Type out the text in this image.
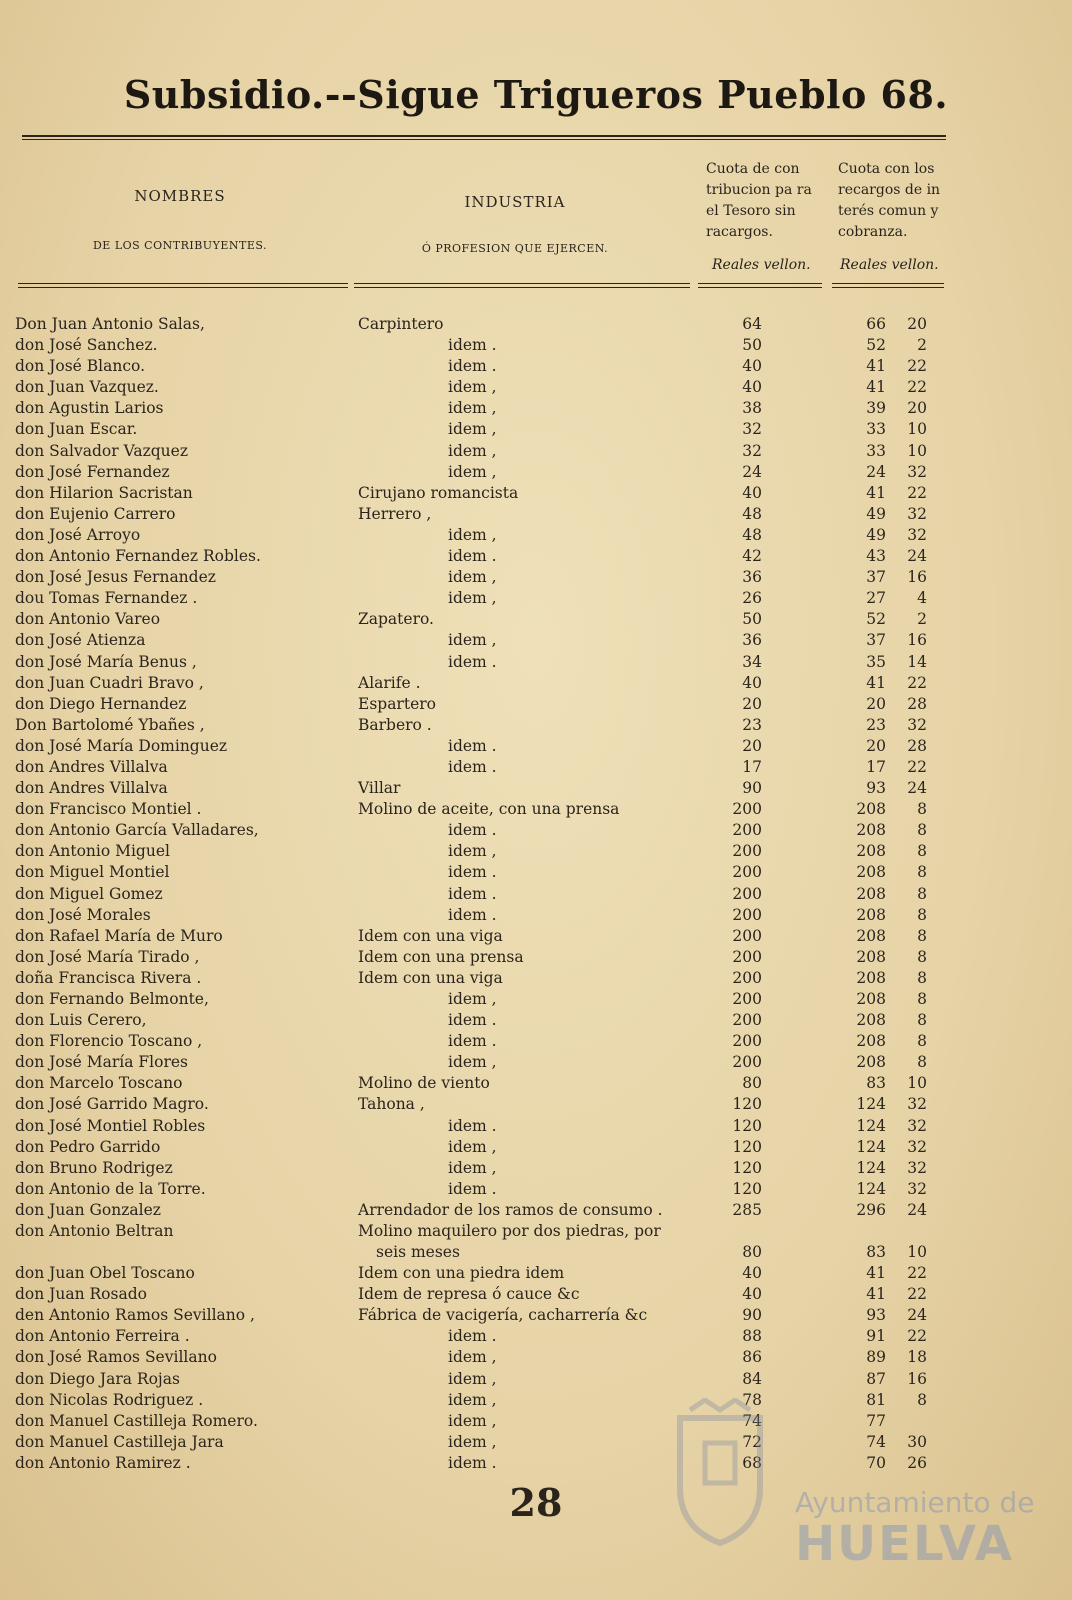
Subsidio.--Sigue Trigueros Pueblo 68.
NOMBRES
DE LOS CONTRIBUYENTES.
INDUSTRIA
Ó PROFESION QUE EJERCEN.
Cuota de con tribucion pa ra el Tesoro sin racargos.
Cuota con los recargos de in terés comun y cobranza.
Reales vellon. Reales vellon.
Don Juan Antonio Salas,	Carpintero	64	66	20
don José Sanchez.	idem .	50	52	2
don José Blanco.	idem .	40	41	22
don Juan Vazquez.	idem ,	40	41	22
don Agustin Larios	idem ,	38	39	20
don Juan Escar.	idem ,	32	33	10
don Salvador Vazquez	idem ,	32	33	10
don José Fernandez	idem ,	24	24	32
don Hilarion Sacristan	Cirujano romancista	40	41	22
don Eujenio Carrero	Herrero ,	48	49	32
don José Arroyo	idem ,	48	49	32
don Antonio Fernandez Robles.	idem .	42	43	24
don José Jesus Fernandez	idem ,	36	37	16
dou Tomas Fernandez .	idem ,	26	27	4
don Antonio Vareo	Zapatero.	50	52	2
don José Atienza	idem ,	36	37	16
don José María Benus ,	idem .	34	35	14
don Juan Cuadri Bravo ,	Alarife .	40	41	22
don Diego Hernandez	Espartero	20	20	28
Don Bartolomé Ybañes ,	Barbero .	23	23	32
don José María Dominguez	idem .	20	20	28
don Andres Villalva	idem .	17	17	22
don Andres Villalva	Villar	90	93	24
don Francisco Montiel .	Molino de aceite, con una prensa	200	208	8
don Antonio García Valladares,	idem .	200	208	8
don Antonio Miguel	idem ,	200	208	8
don Miguel Montiel	idem .	200	208	8
don Miguel Gomez	idem .	200	208	8
don José Morales	idem .	200	208	8
don Rafael María de Muro	Idem con una viga	200	208	8
don José María Tirado ,	Idem con una prensa	200	208	8
doña Francisca Rivera .	Idem con una viga	200	208	8
don Fernando Belmonte,	idem ,	200	208	8
don Luis Cerero,	idem .	200	208	8
don Florencio Toscano ,	idem .	200	208	8
don José María Flores	idem ,	200	208	8
don Marcelo Toscano	Molino de viento	80	83	10
don José Garrido Magro.	Tahona ,	120	124	32
don José Montiel Robles	idem .	120	124	32
don Pedro Garrido	idem ,	120	124	32
don Bruno Rodrigez	idem ,	120	124	32
don Antonio de la Torre.	idem .	120	124	32
don Juan Gonzalez	Arrendador de los ramos de consumo .	285	296	24
don Antonio Beltran	Molino maquilero por dos piedras, por
seis meses	80	83	10
don Juan Obel Toscano	Idem con una piedra idem	40	41	22
don Juan Rosado	Idem de represa ó cauce &c	40	41	22
den Antonio Ramos Sevillano ,	Fábrica de vacigería, cacharrería &c	90	93	24
don Antonio Ferreira .	idem .	88	91	22
don José Ramos Sevillano	idem ,	86	89	18
don Diego Jara Rojas	idem ,	84	87	16
don Nicolas Rodriguez .	idem ,	78	81	8
don Manuel Castilleja Romero.	idem ,	74	77
don Manuel Castilleja Jara	idem ,	72	74	30
don Antonio Ramirez .	idem .	68	70	26
28	Ayuntamiento de
HUELVA
